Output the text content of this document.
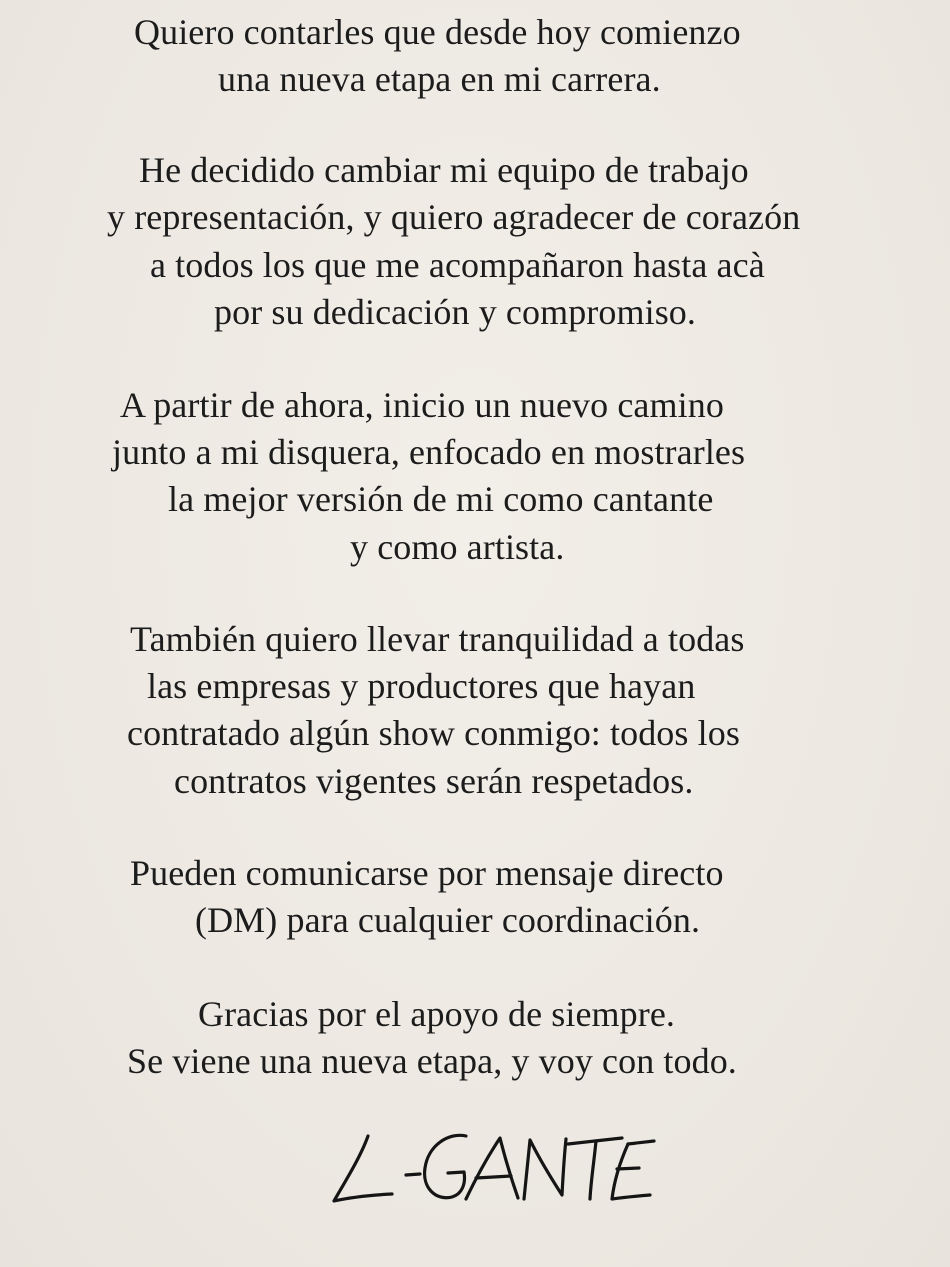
Quiero contarles que desde hoy comienzo
una nueva etapa en mi carrera.
He decidido cambiar mi equipo de trabajo
y representación, y quiero agradecer de corazón
a todos los que me acompañaron hasta acà
por su dedicación y compromiso.
A partir de ahora, inicio un nuevo camino
junto a mi disquera, enfocado en mostrarles
la mejor versión de mi como cantante
y como artista.
También quiero llevar tranquilidad a todas
las empresas y productores que hayan
contratado algún show conmigo: todos los
contratos vigentes serán respetados.
Pueden comunicarse por mensaje directo
(DM) para cualquier coordinación.
Gracias por el apoyo de siempre.
Se viene una nueva etapa, y voy con todo.
